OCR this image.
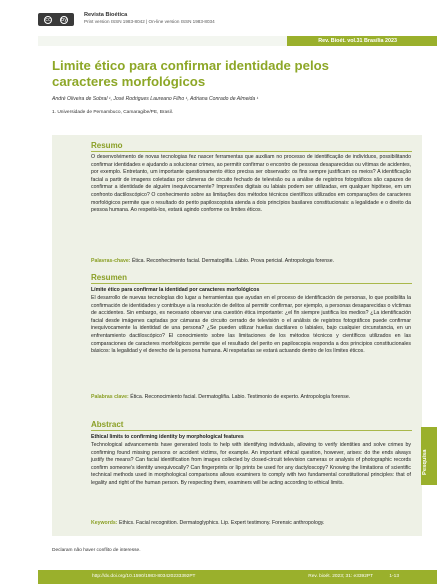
cc by
Revista Bioética
Print version ISSN 1983-8042 | On-line version ISSN 1983-8034
Rev. Bioét. vol.31 Brasília 2023
Limite ético para confirmar identidade pelos caracteres morfológicos
André Oliveira de Sobral ¹, José Rodrigues Laureano Filho ¹, Adriana Conrado de Almeida ¹
1. Universidade de Pernambuco, Camaragibe/PE, Brasil.
Resumo

O desenvolvimento de novas tecnologias fez nascer ferramentas que auxiliam no processo de identificação de indivíduos, possibilitando confirmar identidades e ajudando a solucionar crimes, ao permitir confirmar o encontro de pessoas desaparecidas ou vítimas de acidentes, por exemplo. Entretanto, um importante questionamento ético precisa ser observado: os fins sempre justificam os meios? A identificação facial a partir de imagens coletadas por câmeras de circuito fechado de televisão ou a análise de registros fotográficos são capazes de confirmar a identidade de alguém inequivocamente? Impressões digitais ou labiais podem ser utilizadas, em qualquer hipótese, em um confronto dactiloscópico? O conhecimento sobre as limitações dos métodos técnicos científicos utilizados em comparações de caracteres morfológicos permite que o resultado do perito papiloscopista atenda a dois princípios basilares constitucionais: a legalidade e o direito da pessoa humana. Ao respeitá-los, estará agindo conforme os limites éticos.

Palavras-chave: Ética. Reconhecimento facial. Dermatoglifia. Lábio. Prova pericial. Antropologia forense.
Resumen
Límite ético para confirmar la identidad por caracteres morfológicos

El desarrollo de nuevas tecnologías dio lugar a herramientas que ayudan en el proceso de identificación de personas, lo que posibilita la confirmación de identidades y contribuye a la resolución de delitos al permitir confirmar, por ejemplo, a personas desaparecidas o víctimas de accidentes. Sin embargo, es necesario observar una cuestión ética importante: ¿el fin siempre justifica los medios? ¿La identificación facial desde imágenes captadas por cámaras de circuito cerrado de televisión o el análisis de registros fotográficos puede confirmar inequívocamente la identidad de una persona? ¿Se pueden utilizar huellas dactilares o labiales, bajo cualquier circunstancia, en un enfrentamiento dactiloscópico? El conocimiento sobre las limitaciones de los métodos técnicos y científicos utilizados en las comparaciones de caracteres morfológicos permite que el resultado del perito en papiloscopia responda a dos principios constitucionales básicos: la legalidad y el derecho de la persona humana. Al respetarlas se estará actuando dentro de los límites éticos.

Palabras clave: Ética. Reconocimiento facial. Dermatoglifia. Labio. Testimonio de experto. Antropología forense.
Abstract
Ethical limits to confirming identity by morphological features

Technological advancements have generated tools to help with identifying individuals, allowing to verify identities and solve crimes by confirming found missing persons or accident victims, for example. An important ethical question, however, arises: do the ends always justify the means? Can facial identification from images collected by closed-circuit television cameras or analysis of photographic records confirm someone's identity unequivocally? Can fingerprints or lip prints be used for any dactyloscopy? Knowing the limitations of scientific technical methods used in morphological comparisons allows examiners to comply with two fundamental constitutional principles: that of legality and right of the human person. By respecting them, examiners will be acting according to ethical limits.

Keywords: Ethics. Facial recognition. Dermatoglyphics. Lip. Expert testimony. Forensic anthropology.
Pesquisa
Declaram não haver conflito de interesse.
http://dx.doi.org/10.1590/1983-803420233392PT	Rev. bioét. 2023; 31: e3392PT	1-13
